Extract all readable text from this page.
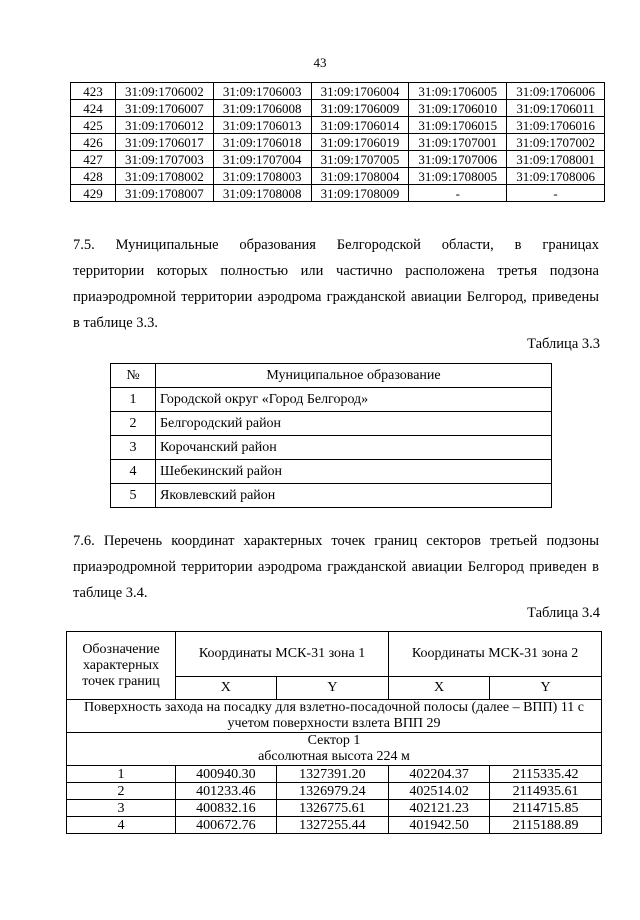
43
423	31:09:1706002	31:09:1706003	31:09:1706004	31:09:1706005	31:09:1706006
424	31:09:1706007	31:09:1706008	31:09:1706009	31:09:1706010	31:09:1706011
425	31:09:1706012	31:09:1706013	31:09:1706014	31:09:1706015	31:09:1706016
426	31:09:1706017	31:09:1706018	31:09:1706019	31:09:1707001	31:09:1707002
427	31:09:1707003	31:09:1707004	31:09:1707005	31:09:1707006	31:09:1708001
428	31:09:1708002	31:09:1708003	31:09:1708004	31:09:1708005	31:09:1708006
429	31:09:1708007	31:09:1708008	31:09:1708009	-	-

7.5. Муниципальные образования Белгородской области, в границах
территории которых полностью или частично расположена третья подзона
приаэродромной территории аэродрома гражданской авиации Белгород, приведены
в таблице 3.3.

Таблица 3.3
№	Муниципальное образование
1	Городской округ «Город Белгород»
2	Белгородский район
3	Корочанский район
4	Шебекинский район
5	Яковлевский район

7.6. Перечень координат характерных точек границ секторов третьей подзоны
приаэродромной территории аэродрома гражданской авиации Белгород приведен в
таблице 3.4.

Таблица 3.4
Обозначение характерных точек границ	Координаты МСК-31 зона 1		Координаты МСК-31 зона 2	
	X	Y	X	Y
Поверхность захода на посадку для взлетно-посадочной полосы (далее – ВПП) 11 с учетом поверхности взлета ВПП 29				

Сектор 1
абсолютная высота 224 м				

1	400940.30	1327391.20	402204.37	2115335.42
2	401233.46	1326979.24	402514.02	2114935.61
3	400832.16	1326775.61	402121.23	2114715.85
4	400672.76	1327255.44	401942.50	2115188.89
